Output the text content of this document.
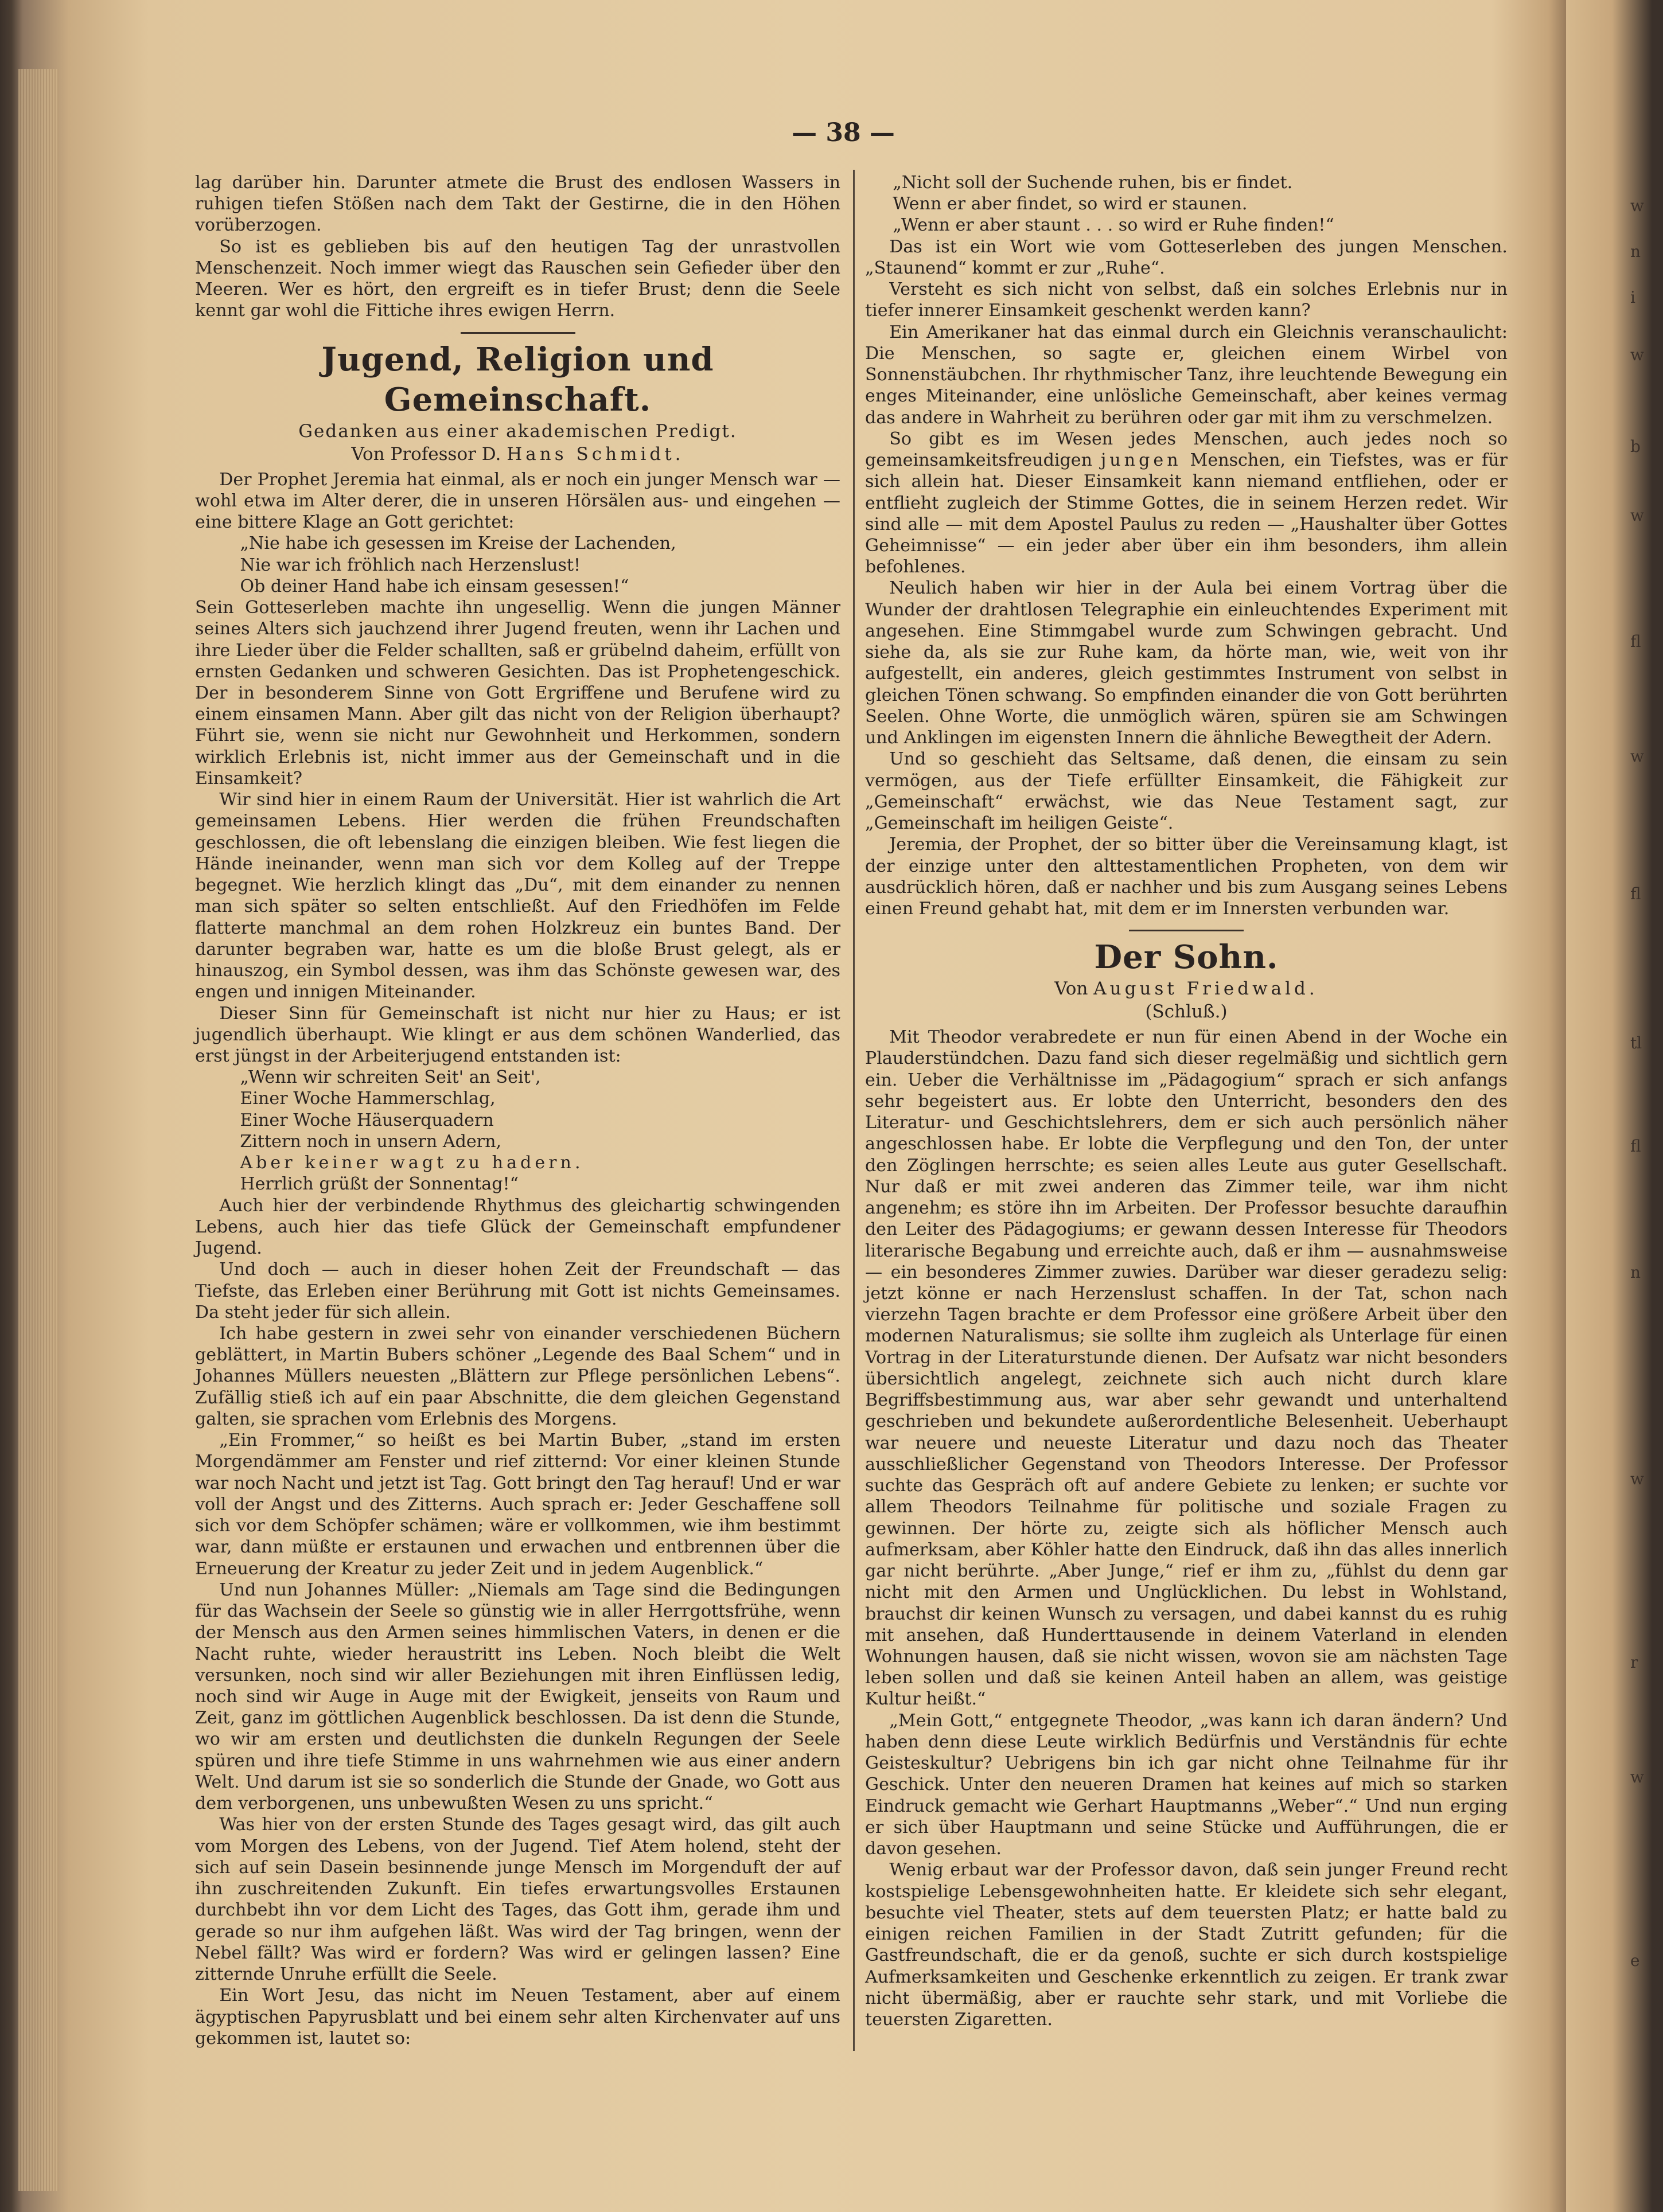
— 38 —

lag darüber hin. Darunter atmete die Brust des endlosen Wassers in ruhigen tiefen Stößen nach dem Takt der Gestirne, die in den Höhen vorüberzogen.

So ist es geblieben bis auf den heutigen Tag der unrastvollen Menschenzeit. Noch immer wiegt das Rauschen sein Gefieder über den Meeren. Wer es hört, den ergreift es in tiefer Brust; denn die Seele kennt gar wohl die Fittiche ihres ewigen Herrn.

Jugend, Religion und Gemeinschaft.
Gedanken aus einer akademischen Predigt.
Von Professor D. Hans Schmidt.

Der Prophet Jeremia hat einmal, als er noch ein junger Mensch war — wohl etwa im Alter derer, die in unseren Hörsälen aus- und eingehen — eine bittere Klage an Gott gerichtet:

„Nie habe ich gesessen im Kreise der Lachenden,
Nie war ich fröhlich nach Herzenslust!
Ob deiner Hand habe ich einsam gesessen!“

Sein Gotteserleben machte ihn ungesellig. Wenn die jungen Männer seines Alters sich jauchzend ihrer Jugend freuten, wenn ihr Lachen und ihre Lieder über die Felder schallten, saß er grübelnd daheim, erfüllt von ernsten Gedanken und schweren Gesichten. Das ist Prophetengeschick. Der in besonderem Sinne von Gott Ergriffene und Berufene wird zu einem einsamen Mann. Aber gilt das nicht von der Religion überhaupt? Führt sie, wenn sie nicht nur Gewohnheit und Herkommen, sondern wirklich Erlebnis ist, nicht immer aus der Gemeinschaft und in die Einsamkeit?

Wir sind hier in einem Raum der Universität. Hier ist wahrlich die Art gemeinsamen Lebens. Hier werden die frühen Freundschaften geschlossen, die oft lebenslang die einzigen bleiben. Wie fest liegen die Hände ineinander, wenn man sich vor dem Kolleg auf der Treppe begegnet. Wie herzlich klingt das „Du“, mit dem einander zu nennen man sich später so selten entschließt. Auf den Friedhöfen im Felde flatterte manchmal an dem rohen Holzkreuz ein buntes Band. Der darunter begraben war, hatte es um die bloße Brust gelegt, als er hinauszog, ein Symbol dessen, was ihm das Schönste gewesen war, des engen und innigen Miteinander.

Dieser Sinn für Gemeinschaft ist nicht nur hier zu Haus; er ist jugendlich überhaupt. Wie klingt er aus dem schönen Wanderlied, das erst jüngst in der Arbeiterjugend entstanden ist:

„Wenn wir schreiten Seit' an Seit',
Einer Woche Hammerschlag,
Einer Woche Häuserquadern
Zittern noch in unsern Adern,
Aber keiner wagt zu hadern.
Herrlich grüßt der Sonnentag!“

Auch hier der verbindende Rhythmus des gleichartig schwingenden Lebens, auch hier das tiefe Glück der Gemeinschaft empfundener Jugend.

Und doch — auch in dieser hohen Zeit der Freundschaft — das Tiefste, das Erleben einer Berührung mit Gott ist nichts Gemeinsames. Da steht jeder für sich allein.

Ich habe gestern in zwei sehr von einander verschiedenen Büchern geblättert, in Martin Bubers schöner „Legende des Baal Schem“ und in Johannes Müllers neuesten „Blättern zur Pflege persönlichen Lebens“. Zufällig stieß ich auf ein paar Abschnitte, die dem gleichen Gegenstand galten, sie sprachen vom Erlebnis des Morgens.

„Ein Frommer,“ so heißt es bei Martin Buber, „stand im ersten Morgendämmer am Fenster und rief zitternd: Vor einer kleinen Stunde war noch Nacht und jetzt ist Tag. Gott bringt den Tag herauf! Und er war voll der Angst und des Zitterns. Auch sprach er: Jeder Geschaffene soll sich vor dem Schöpfer schämen; wäre er vollkommen, wie ihm bestimmt war, dann müßte er erstaunen und erwachen und entbrennen über die Erneuerung der Kreatur zu jeder Zeit und in jedem Augenblick.“

Und nun Johannes Müller: „Niemals am Tage sind die Bedingungen für das Wachsein der Seele so günstig wie in aller Herrgottsfrühe, wenn der Mensch aus den Armen seines himmlischen Vaters, in denen er die Nacht ruhte, wieder heraustritt ins Leben. Noch bleibt die Welt versunken, noch sind wir aller Beziehungen mit ihren Einflüssen ledig, noch sind wir Auge in Auge mit der Ewigkeit, jenseits von Raum und Zeit, ganz im göttlichen Augenblick beschlossen. Da ist denn die Stunde, wo wir am ersten und deutlichsten die dunkeln Regungen der Seele spüren und ihre tiefe Stimme in uns wahrnehmen wie aus einer andern Welt. Und darum ist sie so sonderlich die Stunde der Gnade, wo Gott aus dem verborgenen, uns unbewußten Wesen zu uns spricht.“

Was hier von der ersten Stunde des Tages gesagt wird, das gilt auch vom Morgen des Lebens, von der Jugend. Tief Atem holend, steht der sich auf sein Dasein besinnende junge Mensch im Morgenduft der auf ihn zuschreitenden Zukunft. Ein tiefes erwartungsvolles Erstaunen durchbebt ihn vor dem Licht des Tages, das Gott ihm, gerade ihm und gerade so nur ihm aufgehen läßt. Was wird der Tag bringen, wenn der Nebel fällt? Was wird er fordern? Was wird er gelingen lassen? Eine zitternde Unruhe erfüllt die Seele.

Ein Wort Jesu, das nicht im Neuen Testament, aber auf einem ägyptischen Papyrusblatt und bei einem sehr alten Kirchenvater auf uns gekommen ist, lautet so:

„Nicht soll der Suchende ruhen, bis er findet.
Wenn er aber findet, so wird er staunen.
„Wenn er aber staunt . . . so wird er Ruhe finden!“

Das ist ein Wort wie vom Gotteserleben des jungen Menschen. „Staunend“ kommt er zur „Ruhe“.

Versteht es sich nicht von selbst, daß ein solches Erlebnis nur in tiefer innerer Einsamkeit geschenkt werden kann?

Ein Amerikaner hat das einmal durch ein Gleichnis veranschaulicht: Die Menschen, so sagte er, gleichen einem Wirbel von Sonnenstäubchen. Ihr rhythmischer Tanz, ihre leuchtende Bewegung ein enges Miteinander, eine unlösliche Gemeinschaft, aber keines vermag das andere in Wahrheit zu berühren oder gar mit ihm zu verschmelzen.

So gibt es im Wesen jedes Menschen, auch jedes noch so gemeinsamkeitsfreudigen jungen Menschen, ein Tiefstes, was er für sich allein hat. Dieser Einsamkeit kann niemand entfliehen, oder er entflieht zugleich der Stimme Gottes, die in seinem Herzen redet. Wir sind alle — mit dem Apostel Paulus zu reden — „Haushalter über Gottes Geheimnisse“ — ein jeder aber über ein ihm besonders, ihm allein befohlenes.

Neulich haben wir hier in der Aula bei einem Vortrag über die Wunder der drahtlosen Telegraphie ein einleuchtendes Experiment mit angesehen. Eine Stimmgabel wurde zum Schwingen gebracht. Und siehe da, als sie zur Ruhe kam, da hörte man, wie, weit von ihr aufgestellt, ein anderes, gleich gestimmtes Instrument von selbst in gleichen Tönen schwang. So empfinden einander die von Gott berührten Seelen. Ohne Worte, die unmöglich wären, spüren sie am Schwingen und Anklingen im eigensten Innern die ähnliche Bewegtheit der Adern.

Und so geschieht das Seltsame, daß denen, die einsam zu sein vermögen, aus der Tiefe erfüllter Einsamkeit, die Fähigkeit zur „Gemeinschaft“ erwächst, wie das Neue Testament sagt, zur „Gemeinschaft im heiligen Geiste“.

Jeremia, der Prophet, der so bitter über die Vereinsamung klagt, ist der einzige unter den alttestamentlichen Propheten, von dem wir ausdrücklich hören, daß er nachher und bis zum Ausgang seines Lebens einen Freund gehabt hat, mit dem er im Innersten verbunden war.

Der Sohn.
Von August Friedwald.
(Schluß.)

Mit Theodor verabredete er nun für einen Abend in der Woche ein Plauderstündchen. Dazu fand sich dieser regelmäßig und sichtlich gern ein. Ueber die Verhältnisse im „Pädagogium“ sprach er sich anfangs sehr begeistert aus. Er lobte den Unterricht, besonders den des Literatur- und Geschichtslehrers, dem er sich auch persönlich näher angeschlossen habe. Er lobte die Verpflegung und den Ton, der unter den Zöglingen herrschte; es seien alles Leute aus guter Gesellschaft. Nur daß er mit zwei anderen das Zimmer teile, war ihm nicht angenehm; es störe ihn im Arbeiten. Der Professor besuchte daraufhin den Leiter des Pädagogiums; er gewann dessen Interesse für Theodors literarische Begabung und erreichte auch, daß er ihm — ausnahmsweise — ein besonderes Zimmer zuwies. Darüber war dieser geradezu selig: jetzt könne er nach Herzenslust schaffen. In der Tat, schon nach vierzehn Tagen brachte er dem Professor eine größere Arbeit über den modernen Naturalismus; sie sollte ihm zugleich als Unterlage für einen Vortrag in der Literaturstunde dienen. Der Aufsatz war nicht besonders übersichtlich angelegt, zeichnete sich auch nicht durch klare Begriffsbestimmung aus, war aber sehr gewandt und unterhaltend geschrieben und bekundete außerordentliche Belesenheit. Ueberhaupt war neuere und neueste Literatur und dazu noch das Theater ausschließlicher Gegenstand von Theodors Interesse. Der Professor suchte das Gespräch oft auf andere Gebiete zu lenken; er suchte vor allem Theodors Teilnahme für politische und soziale Fragen zu gewinnen. Der hörte zu, zeigte sich als höflicher Mensch auch aufmerksam, aber Köhler hatte den Eindruck, daß ihn das alles innerlich gar nicht berührte. „Aber Junge,“ rief er ihm zu, „fühlst du denn gar nicht mit den Armen und Unglücklichen. Du lebst in Wohlstand, brauchst dir keinen Wunsch zu versagen, und dabei kannst du es ruhig mit ansehen, daß Hunderttausende in deinem Vaterland in elenden Wohnungen hausen, daß sie nicht wissen, wovon sie am nächsten Tage leben sollen und daß sie keinen Anteil haben an allem, was geistige Kultur heißt.“

„Mein Gott,“ entgegnete Theodor, „was kann ich daran ändern? Und haben denn diese Leute wirklich Bedürfnis und Verständnis für echte Geisteskultur? Uebrigens bin ich gar nicht ohne Teilnahme für ihr Geschick. Unter den neueren Dramen hat keines auf mich so starken Eindruck gemacht wie Gerhart Hauptmanns „Weber“.“ Und nun erging er sich über Hauptmann und seine Stücke und Aufführungen, die er davon gesehen.

Wenig erbaut war der Professor davon, daß sein junger Freund recht kostspielige Lebensgewohnheiten hatte. Er kleidete sich sehr elegant, besuchte viel Theater, stets auf dem teuersten Platz; er hatte bald zu einigen reichen Familien in der Stadt Zutritt gefunden; für die Gastfreundschaft, die er da genoß, suchte er sich durch kostspielige Aufmerksamkeiten und Geschenke erkenntlich zu zeigen. Er trank zwar nicht übermäßig, aber er rauchte sehr stark, und mit Vorliebe die teuersten Zigaretten.

w
n
i
w
b
w
fl
w
fl
tl
fl
n
w
r
w
e
